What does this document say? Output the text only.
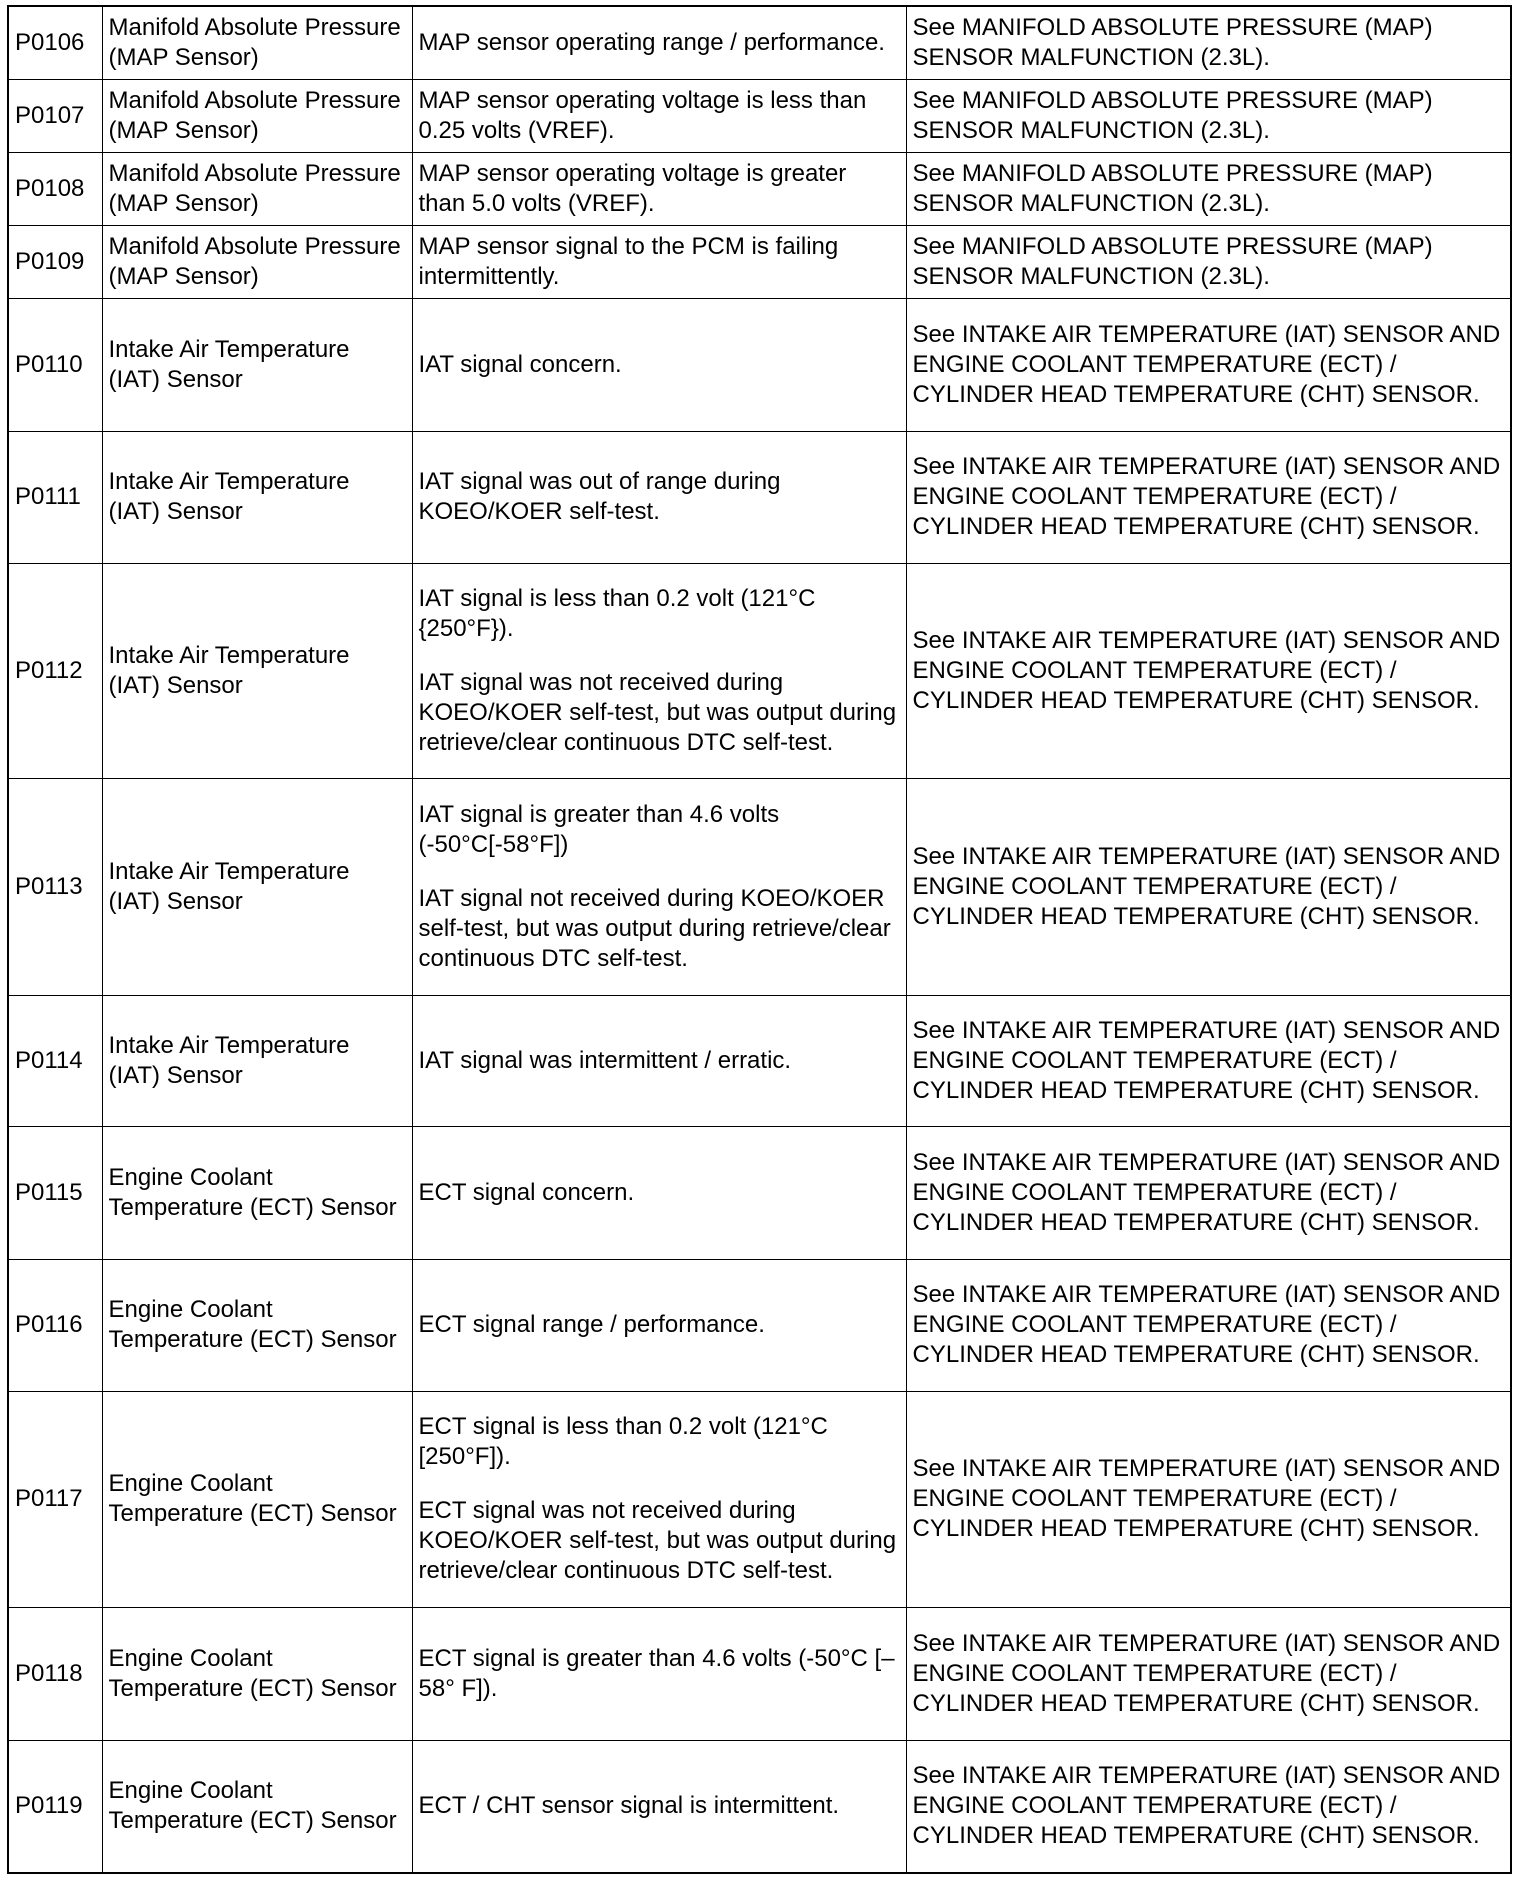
P0106	Manifold Absolute Pressure (MAP Sensor)	MAP sensor operating range / performance.	See MANIFOLD ABSOLUTE PRESSURE (MAP) SENSOR MALFUNCTION (2.3L).
P0107	Manifold Absolute Pressure (MAP Sensor)	MAP sensor operating voltage is less than 0.25 volts (VREF).	See MANIFOLD ABSOLUTE PRESSURE (MAP) SENSOR MALFUNCTION (2.3L).
P0108	Manifold Absolute Pressure (MAP Sensor)	MAP sensor operating voltage is greater than 5.0 volts (VREF).	See MANIFOLD ABSOLUTE PRESSURE (MAP) SENSOR MALFUNCTION (2.3L).
P0109	Manifold Absolute Pressure (MAP Sensor)	MAP sensor signal to the PCM is failing intermittently.	See MANIFOLD ABSOLUTE PRESSURE (MAP) SENSOR MALFUNCTION (2.3L).
P0110	Intake Air Temperature (IAT) Sensor	IAT signal concern.	See INTAKE AIR TEMPERATURE (IAT) SENSOR AND ENGINE COOLANT TEMPERATURE (ECT) / CYLINDER HEAD TEMPERATURE (CHT) SENSOR.
P0111	Intake Air Temperature (IAT) Sensor	IAT signal was out of range during KOEO/KOER self-test.	See INTAKE AIR TEMPERATURE (IAT) SENSOR AND ENGINE COOLANT TEMPERATURE (ECT) / CYLINDER HEAD TEMPERATURE (CHT) SENSOR.
P0112	Intake Air Temperature (IAT) Sensor	IAT signal is less than 0.2 volt (121°C {250°F}).

IAT signal was not received during KOEO/KOER self-test, but was output during retrieve/clear continuous DTC self-test.	See INTAKE AIR TEMPERATURE (IAT) SENSOR AND ENGINE COOLANT TEMPERATURE (ECT) / CYLINDER HEAD TEMPERATURE (CHT) SENSOR.
P0113	Intake Air Temperature (IAT) Sensor	IAT signal is greater than 4.6 volts (-50°C[-58°F])

IAT signal not received during KOEO/KOER self-test, but was output during retrieve/clear continuous DTC self-test.	See INTAKE AIR TEMPERATURE (IAT) SENSOR AND ENGINE COOLANT TEMPERATURE (ECT) / CYLINDER HEAD TEMPERATURE (CHT) SENSOR.
P0114	Intake Air Temperature (IAT) Sensor	IAT signal was intermittent / erratic.	See INTAKE AIR TEMPERATURE (IAT) SENSOR AND ENGINE COOLANT TEMPERATURE (ECT) / CYLINDER HEAD TEMPERATURE (CHT) SENSOR.
P0115	Engine Coolant Temperature (ECT) Sensor	ECT signal concern.	See INTAKE AIR TEMPERATURE (IAT) SENSOR AND ENGINE COOLANT TEMPERATURE (ECT) / CYLINDER HEAD TEMPERATURE (CHT) SENSOR.
P0116	Engine Coolant Temperature (ECT) Sensor	ECT signal range / performance.	See INTAKE AIR TEMPERATURE (IAT) SENSOR AND ENGINE COOLANT TEMPERATURE (ECT) / CYLINDER HEAD TEMPERATURE (CHT) SENSOR.
P0117	Engine Coolant Temperature (ECT) Sensor	ECT signal is less than 0.2 volt (121°C [250°F]).

ECT signal was not received during KOEO/KOER self-test, but was output during retrieve/clear continuous DTC self-test.	See INTAKE AIR TEMPERATURE (IAT) SENSOR AND ENGINE COOLANT TEMPERATURE (ECT) / CYLINDER HEAD TEMPERATURE (CHT) SENSOR.
P0118	Engine Coolant Temperature (ECT) Sensor	ECT signal is greater than 4.6 volts (-50°C [–58° F]).	See INTAKE AIR TEMPERATURE (IAT) SENSOR AND ENGINE COOLANT TEMPERATURE (ECT) / CYLINDER HEAD TEMPERATURE (CHT) SENSOR.
P0119	Engine Coolant Temperature (ECT) Sensor	ECT / CHT sensor signal is intermittent.	See INTAKE AIR TEMPERATURE (IAT) SENSOR AND ENGINE COOLANT TEMPERATURE (ECT) / CYLINDER HEAD TEMPERATURE (CHT) SENSOR.
